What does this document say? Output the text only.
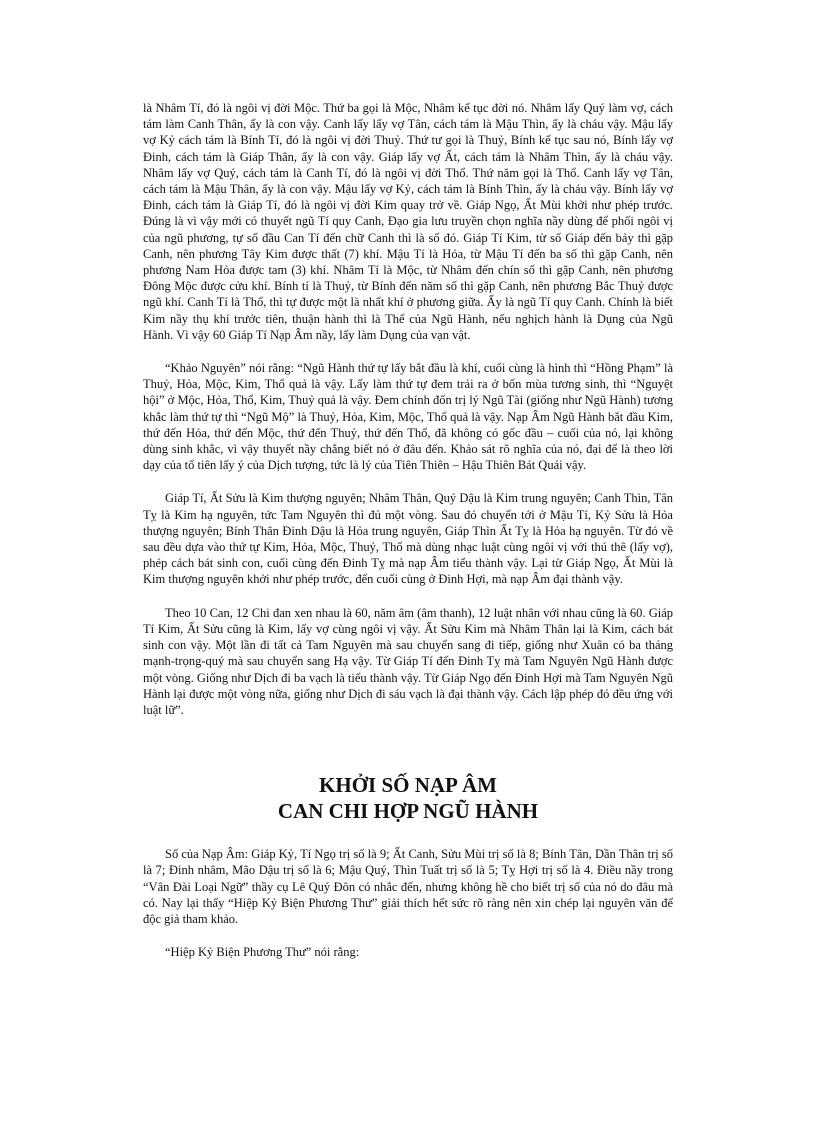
là Nhâm Tí, đó là ngôi vị đời Mộc. Thứ ba gọi là Mộc, Nhâm kế tục đời nó. Nhâm lấy Quý làm vợ, cách tám làm Canh Thân, ấy là con vậy. Canh lấy lấy vợ Tân, cách tám là Mậu Thìn, ấy là cháu vậy. Mậu lấy vợ Kỷ cách tám là Bính Tí, đó là ngôi vị đời Thuỷ. Thứ tư gọi là Thuỷ, Bính kế tục sau nó, Bính lấy vợ Đinh, cách tám là Giáp Thân, ấy là con vậy. Giáp lấy vợ Ất, cách tám là Nhâm Thìn, ấy là cháu vậy. Nhâm lấy vợ Quý, cách tám là Canh Tí, đó là ngôi vị đời Thổ. Thứ năm gọi là Thổ. Canh lấy vợ Tân, cách tám là Mậu Thân, ấy là con vậy. Mậu lấy vợ Kỷ, cách tám là Bính Thìn, ấy là cháu vậy. Bính lấy vợ Đinh, cách tám là Giáp Tí, đó là ngôi vị đời Kim quay trở về. Giáp Ngọ, Ất Mùi khởi như phép trước. Đúng là vì vậy mới có thuyết ngũ Tí quy Canh, Đạo gia lưu truyền chọn nghĩa nầy dùng để phối ngôi vị của ngũ phương, tự số đầu Can Tí đến chữ Canh thì là số đó. Giáp Tí Kim, từ số Giáp đến bảy thì gặp Canh, nên phương Tây Kim được thất (7) khí. Mậu Tí là Hỏa, từ Mậu Tí đến ba số thì gặp Canh, nên phương Nam Hỏa được tam (3) khí. Nhâm Tí là Mộc, từ Nhâm đến chín số thì gặp Canh, nên phương Đông Mộc được cửu khí. Bính tí là Thuỷ, từ Bính đến năm số thì gặp Canh, nên phương Bắc Thuỷ được ngũ khí. Canh Tí là Thổ, thì tự được một là nhất khí ở phương giữa. Ấy là ngũ Tí quy Canh. Chính là biết Kim nầy thụ khí trước tiên, thuận hành thì là Thể của Ngũ Hành, nếu nghịch hành là Dụng của Ngũ Hành. Vì vậy 60 Giáp Tí Nạp Âm nầy, lấy làm Dụng của vạn vật.

“Khảo Nguyên” nói rằng: “Ngũ Hành thứ tự lấy bắt đầu là khí, cuối cùng là hình thì “Hồng Phạm” là Thuỷ, Hỏa, Mộc, Kim, Thổ quả là vậy. Lấy làm thứ tự đem trải ra ở bốn mùa tương sinh, thì “Nguyệt hội” ở Mộc, Hỏa, Thổ, Kim, Thuỷ quả là vậy. Đem chính đốn trị lý Ngũ Tài (giống như Ngũ Hành) tương khắc làm thứ tự thì “Ngũ Mộ” là Thuỷ, Hỏa, Kim, Mộc, Thổ quả là vậy. Nạp Âm Ngũ Hành bắt đầu Kim, thứ đến Hỏa, thứ đến Mộc, thứ đến Thuỷ, thứ đến Thổ, đã không có gốc đầu – cuối của nó, lại không dùng sinh khắc, vì vậy thuyết nầy chẳng biết nó ở đâu đến. Khảo sát rõ nghĩa của nó, đại để là theo lời dạy của tổ tiên lấy ý của Dịch tượng, tức là lý của Tiên Thiên – Hậu Thiên Bát Quái vậy.

Giáp Tí, Ất Sửu là Kim thượng nguyên; Nhâm Thân, Quý Dậu là Kim trung nguyên; Canh Thìn, Tân Tỵ là Kim hạ nguyên, tức Tam Nguyên thì đủ một vòng. Sau đó chuyển tới ở Mậu Tí, Kỷ Sửu là Hỏa thượng nguyên; Bính Thân Đinh Dậu là Hỏa trung nguyên, Giáp Thìn Ất Tỵ là Hỏa hạ nguyên. Từ đó về sau đều dựa vào thứ tự Kim, Hỏa, Mộc, Thuỷ, Thổ mà dùng nhạc luật cùng ngôi vị với thú thê (lấy vợ), phép cách bát sinh con, cuối cùng đến Đinh Tỵ mà nạp Âm tiểu thành vậy. Lại từ Giáp Ngọ, Ất Mùi là Kim thượng nguyên khởi như phép trước, đến cuối cùng ở Đinh Hợi, mà nạp Âm đại thành vậy.

Theo 10 Can, 12 Chi đan xen nhau là 60, năm âm (âm thanh), 12 luật nhân với nhau cũng là 60. Giáp Tí Kim, Ất Sửu cũng là Kim, lấy vợ cùng ngôi vị vậy. Ất Sửu Kim mà Nhâm Thân lại là Kim, cách bát sinh con vậy. Một lần đi tất cả Tam Nguyên mà sau chuyển sang đi tiếp, giống như Xuân có ba tháng mạnh-trọng-quý mà sau chuyển sang Hạ vậy. Từ Giáp Tí đến Đinh Tỵ mà Tam Nguyên Ngũ Hành được một vòng. Giống như Dịch đi ba vạch là tiểu thành vậy. Từ Giáp Ngọ đến Đinh Hợi mà Tam Nguyên Ngũ Hành lại được một vòng nữa, giống như Dịch đi sáu vạch là đại thành vậy. Cách lập phép đó đều ứng với luật lữ”.

KHỞI SỐ NẠP ÂM
CAN CHI HỢP NGŨ HÀNH

Số của Nạp Âm: Giáp Kỷ, Tí Ngọ trị số là 9; Ất Canh, Sửu Mùi trị số là 8; Bính Tân, Dần Thân trị số là 7; Đinh nhâm, Mão Dậu trị số là 6; Mậu Quý, Thìn Tuất trị số là 5; Tỵ Hợi trị số là 4. Điều nầy trong “Vân Đài Loại Ngữ” thầy cụ Lê Quý Đôn có nhắc đến, nhưng không hề cho biết trị số của nó do đâu mà có. Nay lại thấy “Hiệp Kỷ Biện Phương Thư” giải thích hết sức rõ ràng nên xin chép lại nguyên văn để độc giả tham khảo.

“Hiệp Kỷ Biện Phương Thư” nói rằng:
